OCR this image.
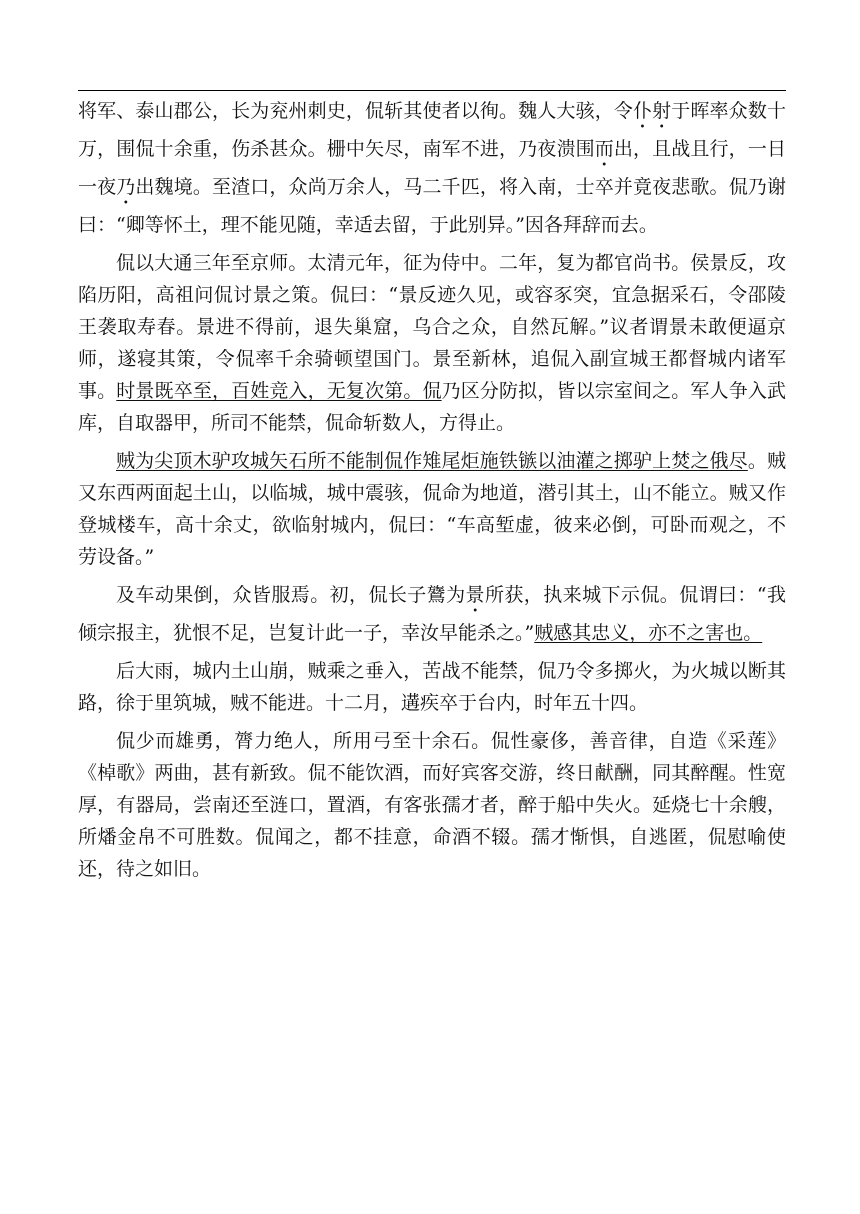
将军、泰山郡公，长为兖州刺史，侃斩其使者以徇。魏人大骇，令仆射于晖率众数十万，围侃十余重，伤杀甚众。栅中矢尽，南军不进，乃夜溃围而出，且战且行，一日一夜乃出魏境。至渣口，众尚万余人，马二千匹，将入南，士卒并竟夜悲歌。侃乃谢曰：“卿等怀土，理不能见随，幸适去留，于此别异。”因各拜辞而去。

侃以大通三年至京师。太清元年，征为侍中。二年，复为都官尚书。侯景反，攻陷历阳，高祖问侃讨景之策。侃曰：“景反迹久见，或容豕突，宜急据采石，令邵陵王袭取寿春。景进不得前，退失巢窟，乌合之众，自然瓦解。”议者谓景未敢便逼京师，遂寝其策，令侃率千余骑顿望国门。景至新林，追侃入副宣城王都督城内诸军事。时景既卒至，百姓竞入，无复次第。侃乃区分防拟，皆以宗室间之。军人争入武库，自取器甲，所司不能禁，侃命斩数人，方得止。

贼为尖顶木驴攻城矢石所不能制侃作雉尾炬施铁镞以油灌之掷驴上焚之俄尽。贼又东西两面起土山，以临城，城中震骇，侃命为地道，潜引其土，山不能立。贼又作登城楼车，高十余丈，欲临射城内，侃曰：“车高堑虚，彼来必倒，可卧而观之，不劳设备。”

及车动果倒，众皆服焉。初，侃长子鷟为景所获，执来城下示侃。侃谓曰：“我倾宗报主，犹恨不足，岂复计此一子，幸汝早能杀之。”贼感其忠义，亦不之害也。

后大雨，城内土山崩，贼乘之垂入，苦战不能禁，侃乃令多掷火，为火城以断其路，徐于里筑城，贼不能进。十二月，遘疾卒于台内，时年五十四。

侃少而雄勇，膂力绝人，所用弓至十余石。侃性豪侈，善音律，自造《采莲》《棹歌》两曲，甚有新致。侃不能饮酒，而好宾客交游，终日献酬，同其醉醒。性宽厚，有器局，尝南还至涟口，置酒，有客张孺才者，醉于船中失火。延烧七十余艘，所燔金帛不可胜数。侃闻之，都不挂意，命酒不辍。孺才惭惧，自逃匿，侃慰喻使还，待之如旧。
